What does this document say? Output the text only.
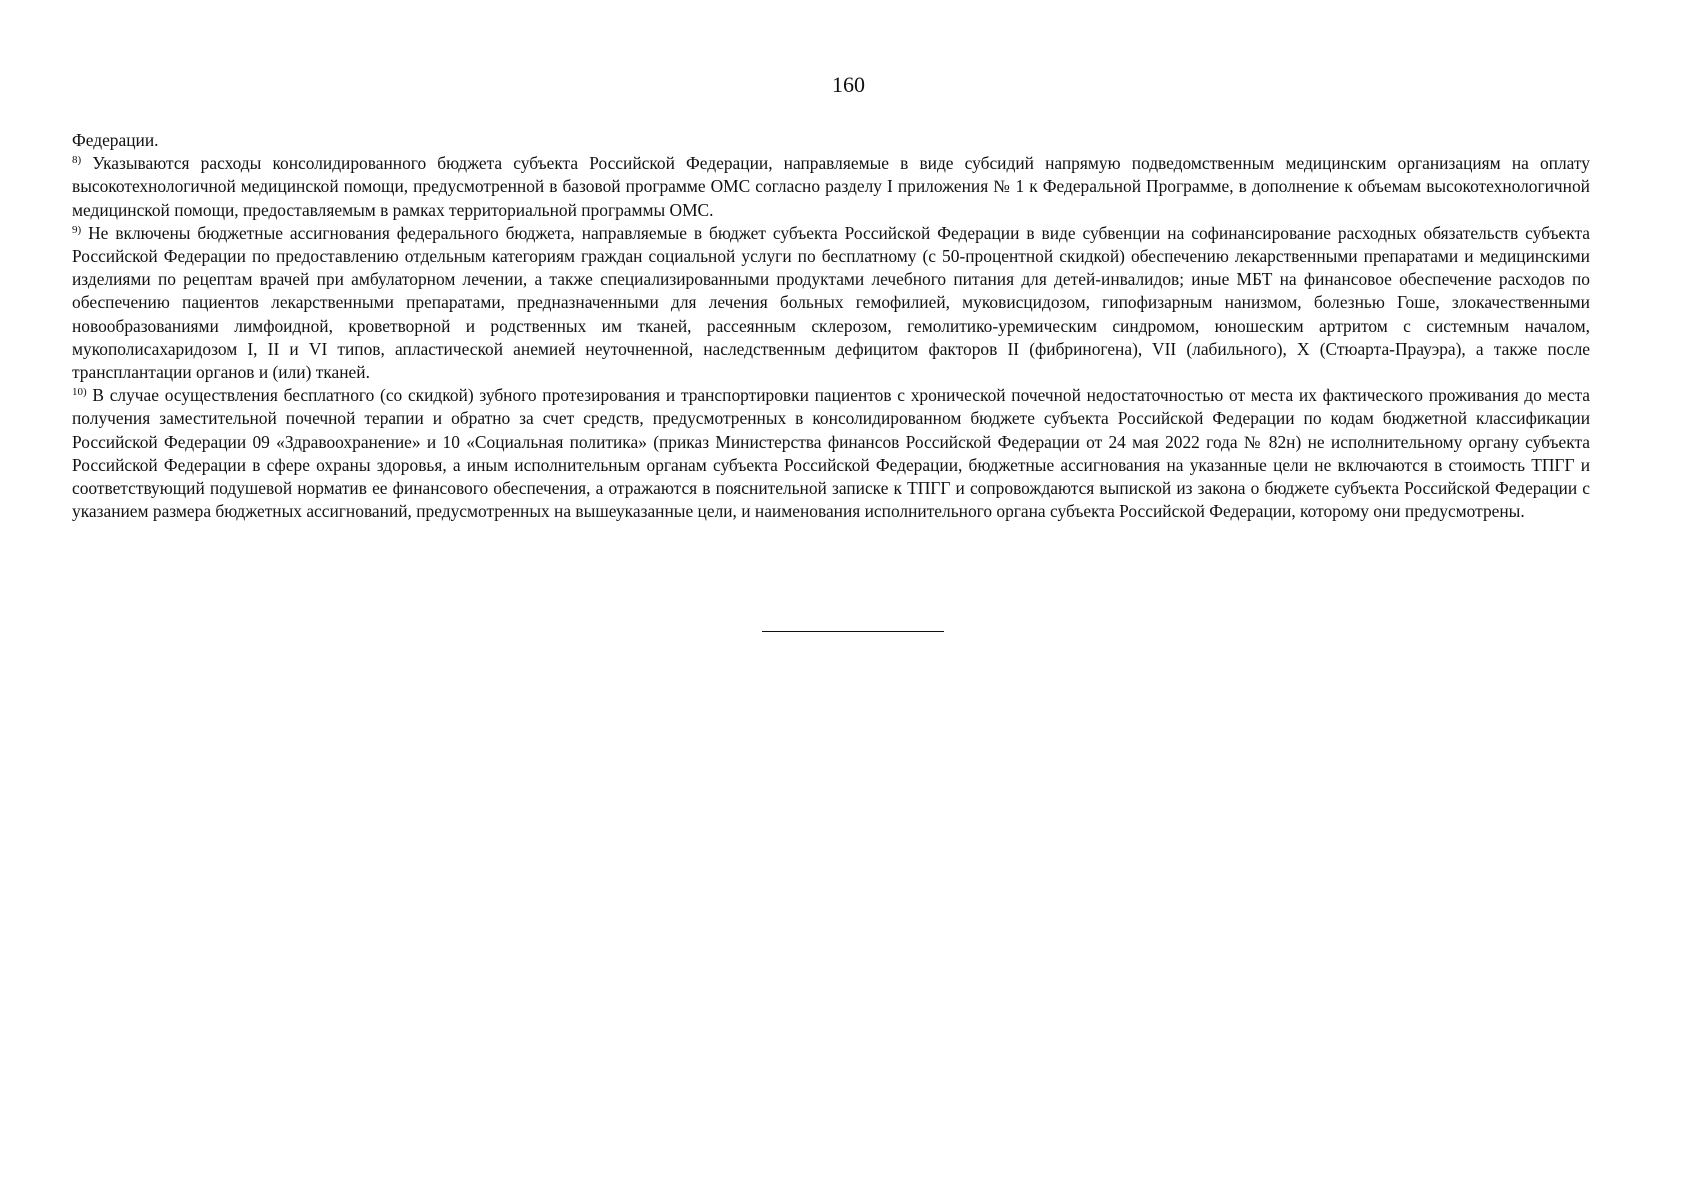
160

Федерации.

$^{8)}$ Указываются расходы консолидированного бюджета субъекта Российской Федерации, направляемые в виде субсидий напрямую подведомственным медицинским организациям на оплату высокотехнологичной медицинской помощи, предусмотренной в базовой программе ОМС согласно разделу I приложения № 1 к Федеральной Программе, в дополнение к объемам высокотехнологичной медицинской помощи, предоставляемым в рамках территориальной программы ОМС.

$^{9)}$ Не включены бюджетные ассигнования федерального бюджета, направляемые в бюджет субъекта Российской Федерации в виде субвенции на софинансирование расходных обязательств субъекта Российской Федерации по предоставлению отдельным категориям граждан социальной услуги по бесплатному (с 50-процентной скидкой) обеспечению лекарственными препаратами и медицинскими изделиями по рецептам врачей при амбулаторном лечении, а также специализированными продуктами лечебного питания для детей-инвалидов; иные МБТ на финансовое обеспечение расходов по обеспечению пациентов лекарственными препаратами, предназначенными для лечения больных гемофилией, муковисцидозом, гипофизарным нанизмом, болезнью Гоше, злокачественными новообразованиями лимфоидной, кроветворной и родственных им тканей, рассеянным склерозом, гемолитико-уремическим синдромом, юношеским артритом с системным началом, мукополисахаридозом I, II и VI типов, апластической анемией неуточненной, наследственным дефицитом факторов II (фибриногена), VII (лабильного), X (Стюарта-Прауэра), а также после трансплантации органов и (или) тканей.

$^{10)}$ В случае осуществления бесплатного (со скидкой) зубного протезирования и транспортировки пациентов с хронической почечной недостаточностью от места их фактического проживания до места получения заместительной почечной терапии и обратно за счет средств, предусмотренных в консолидированном бюджете субъекта Российской Федерации по кодам бюджетной классификации Российской Федерации 09 «Здравоохранение» и 10 «Социальная политика» (приказ Министерства финансов Российской Федерации от 24 мая 2022 года № 82н) не исполнительному органу субъекта Российской Федерации в сфере охраны здоровья, а иным исполнительным органам субъекта Российской Федерации, бюджетные ассигнования на указанные цели не включаются в стоимость ТПГГ и соответствующий подушевой норматив ее финансового обеспечения, а отражаются в пояснительной записке к ТПГГ и сопровождаются выпиской из закона о бюджете субъекта Российской Федерации с указанием размера бюджетных ассигнований, предусмотренных на вышеуказанные цели, и наименования исполнительного органа субъекта Российской Федерации, которому они предусмотрены.
